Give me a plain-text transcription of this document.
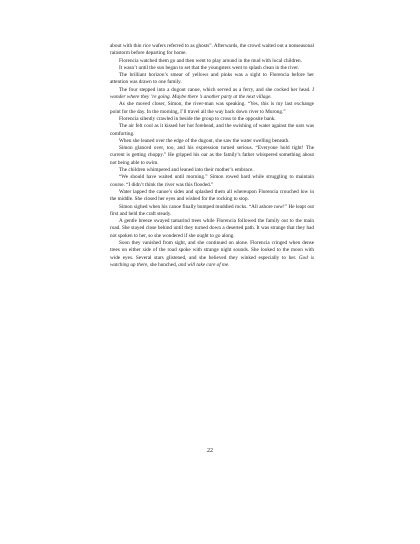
about with thin rice wafers referred to as ghosts”. Afterwards, the crowd waited out a nonseasonal rainstorm before departing for home.

Florencia watched them go and then went to play around in the mud with local children.

It wasn’t until the sun began to set that the youngsters went to splash clean in the river.

The brilliant horizon’s smear of yellows and pinks was a sight to Florencia before her attention was drawn to one family.

The four stepped into a dugout canoe, which served as a ferry, and she cocked her head. I wonder where they ’re going. Maybe there ’s another party at the next village.

As she moved closer, Simon, the river-man was speaking. “Yes, this is my last exchange point for the day. In the morning, I’ll travel all the way back down river to Murong.”

Florencia silently crawled in beside the group to cross to the opposite bank.

The air felt cool as it kissed her hot forehead, and the swishing of water against the oars was comforting.

When she leaned over the edge of the dugout, she saw the water swelling beneath.

Simon glanced over, too, and his expression turned serious. “Everyone hold tight! The current is getting choppy.” He gripped his oar as the family’s father whispered something about not being able to swim.

The children whimpered and leaned into their mother’s embrace.

“We should have waited until morning.” Simon rowed hard while struggling to maintain course. “I didn’t think the river was this flooded.”

Water lapped the canoe’s sides and splashed them all whereupon Florencia crouched low in the middle. She closed her eyes and wished for the rocking to stop.

Simon sighed when his canoe finally bumped muddied rocks. “All ashore now!” He leapt out first and held the craft steady.

A gentle breeze swayed tamarind trees while Florencia followed the family out to the main road. She stayed close behind until they turned down a deserted path. It was strange that they had not spoken to her, so she wondered if she ought to go along.

Soon they vanished from sight, and she continued on alone. Florencia cringed when dense trees on either side of the road spoke with strange night sounds. She looked to the moon with wide eyes. Several stars glistened, and she believed they winked especially to her. God is watching up there, she hunched, and will take care of me.

22
